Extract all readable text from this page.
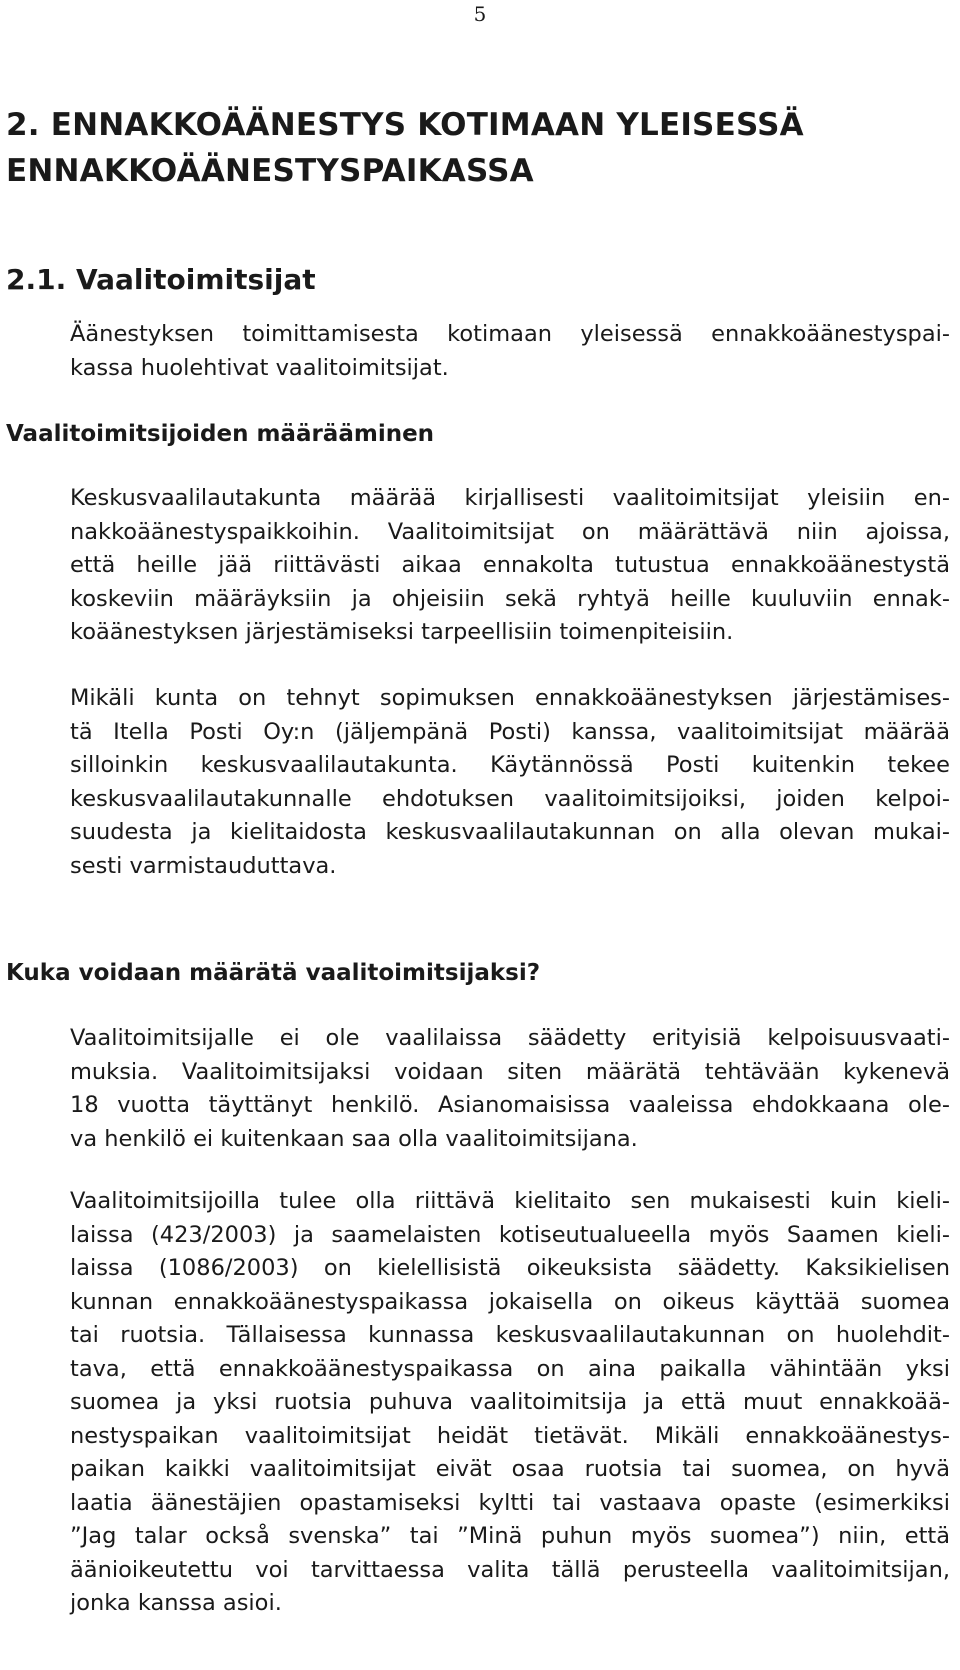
5
2. ENNAKKOÄÄNESTYS KOTIMAAN YLEISESSÄ
ENNAKKOÄÄNESTYSPAIKASSA
2.1. Vaalitoimitsijat

Äänestyksen toimittamisesta kotimaan yleisessä ennakkoäänestyspai-
kassa huolehtivat vaalitoimitsijat.

Vaalitoimitsijoiden määrääminen

Keskusvaalilautakunta määrää kirjallisesti vaalitoimitsijat yleisiin en-
nakkoäänestyspaikkoihin. Vaalitoimitsijat on määrättävä niin ajoissa,
että heille jää riittävästi aikaa ennakolta tutustua ennakkoäänestystä
koskeviin määräyksiin ja ohjeisiin sekä ryhtyä heille kuuluviin ennak-
koäänestyksen järjestämiseksi tarpeellisiin toimenpiteisiin.

Mikäli kunta on tehnyt sopimuksen ennakkoäänestyksen järjestämises-
tä Itella Posti Oy:n (jäljempänä Posti) kanssa, vaalitoimitsijat määrää
silloinkin keskusvaalilautakunta. Käytännössä Posti kuitenkin tekee
keskusvaalilautakunnalle ehdotuksen vaalitoimitsijoiksi, joiden kelpoi-
suudesta ja kielitaidosta keskusvaalilautakunnan on alla olevan mukai-
sesti varmistauduttava.

Kuka voidaan määrätä vaalitoimitsijaksi?

Vaalitoimitsijalle ei ole vaalilaissa säädetty erityisiä kelpoisuusvaati-
muksia. Vaalitoimitsijaksi voidaan siten määrätä tehtävään kykenevä
18 vuotta täyttänyt henkilö. Asianomaisissa vaaleissa ehdokkaana ole-
va henkilö ei kuitenkaan saa olla vaalitoimitsijana.

Vaalitoimitsijoilla tulee olla riittävä kielitaito sen mukaisesti kuin kieli-
laissa (423/2003) ja saamelaisten kotiseutualueella myös Saamen kieli-
laissa (1086/2003) on kielellisistä oikeuksista säädetty. Kaksikielisen
kunnan ennakkoäänestyspaikassa jokaisella on oikeus käyttää suomea
tai ruotsia. Tällaisessa kunnassa keskusvaalilautakunnan on huolehdit-
tava, että ennakkoäänestyspaikassa on aina paikalla vähintään yksi
suomea ja yksi ruotsia puhuva vaalitoimitsija ja että muut ennakkoää-
nestyspaikan vaalitoimitsijat heidät tietävät. Mikäli ennakkoäänestys-
paikan kaikki vaalitoimitsijat eivät osaa ruotsia tai suomea, on hyvä
laatia äänestäjien opastamiseksi kyltti tai vastaava opaste (esimerkiksi
”Jag talar också svenska” tai ”Minä puhun myös suomea”) niin, että
äänioikeutettu voi tarvittaessa valita tällä perusteella vaalitoimitsijan,
jonka kanssa asioi.
